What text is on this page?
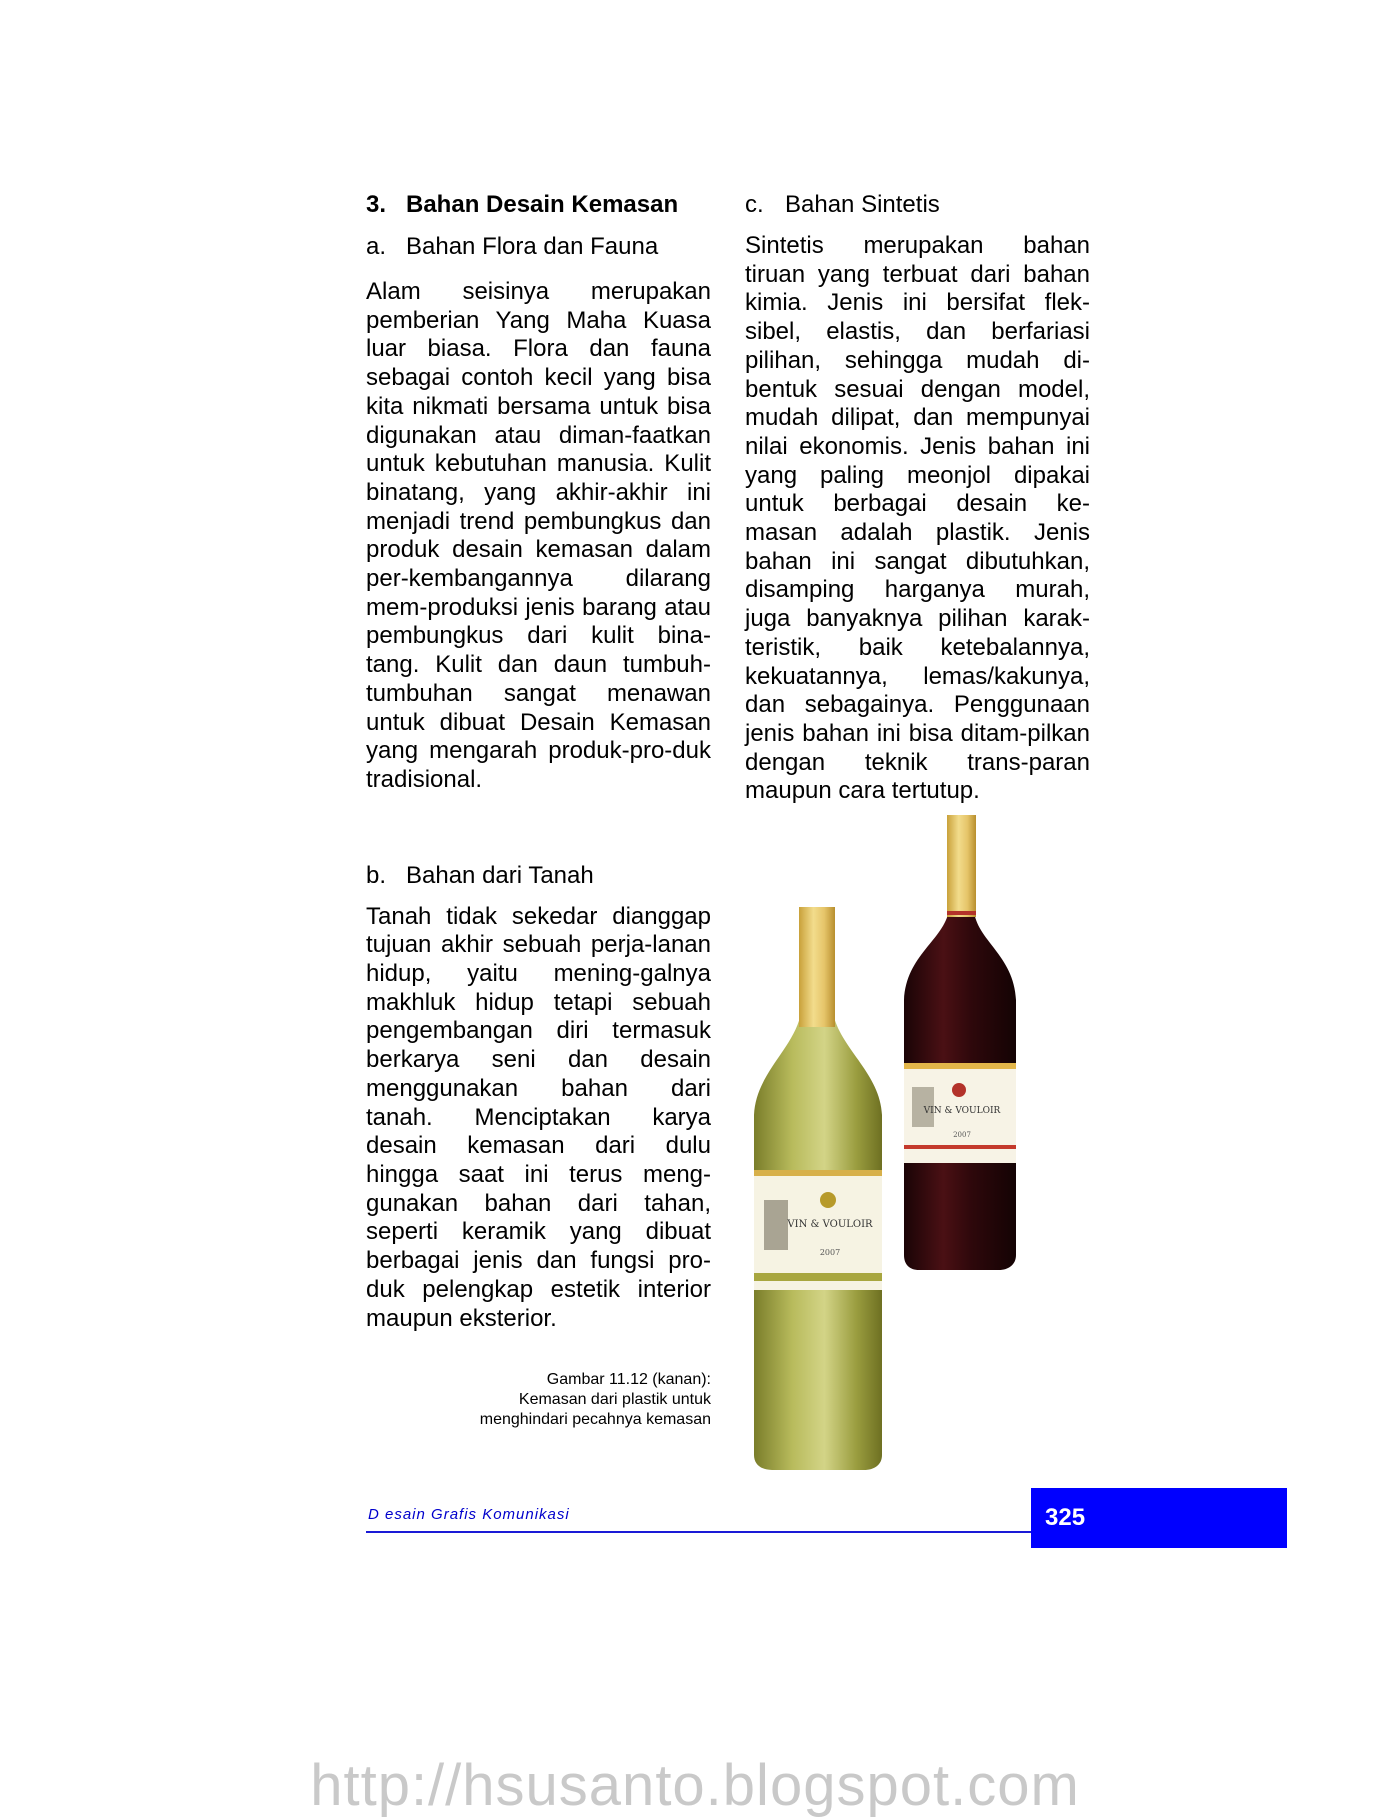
3. Bahan Desain Kemasan
a. Bahan Flora dan Fauna

Alam seisinya merupakan pemberian Yang Maha Kuasa luar biasa. Flora dan fauna sebagai contoh kecil yang bisa kita nikmati bersama untuk bisa digunakan atau diman-faatkan untuk kebutuhan manusia. Kulit binatang, yang akhir-akhir ini menjadi trend pembungkus dan produk desain kemasan dalam per-kembangannya dilarang mem-produksi jenis barang atau pembungkus dari kulit bina-tang. Kulit dan daun tumbuh-tumbuhan sangat menawan untuk dibuat Desain Kemasan yang mengarah produk-pro-duk tradisional.

b. Bahan dari Tanah

Tanah tidak sekedar dianggap tujuan akhir sebuah perja-lanan hidup, yaitu mening-galnya makhluk hidup tetapi sebuah pengembangan diri termasuk berkarya seni dan desain menggunakan bahan dari tanah. Menciptakan karya desain kemasan dari dulu hingga saat ini terus meng-gunakan bahan dari tahan, seperti keramik yang dibuat berbagai jenis dan fungsi pro-duk pelengkap estetik interior maupun eksterior.

c. Bahan Sintetis

Sintetis merupakan bahan tiruan yang terbuat dari bahan kimia. Jenis ini bersifat flek-sibel, elastis, dan berfariasi pilihan, sehingga mudah di-bentuk sesuai dengan model, mudah dilipat, dan mempunyai nilai ekonomis. Jenis bahan ini yang paling meonjol dipakai untuk berbagai desain ke-masan adalah plastik. Jenis bahan ini sangat dibutuhkan, disamping harganya murah, juga banyaknya pilihan karak-teristik, baik ketebalannya, kekuatannya, lemas/kakunya, dan sebagainya. Penggunaan jenis bahan ini bisa ditam-pilkan dengan teknik trans-paran maupun cara tertutup.

VIN & VOULOIR
2007
VIN & VOULOIR
2007
Gambar 11.12 (kanan):
Kemasan dari plastik untuk
menghindari pecahnya kemasan
D esain Grafis Komunikasi	325
http://hsusanto.blogspot.com
